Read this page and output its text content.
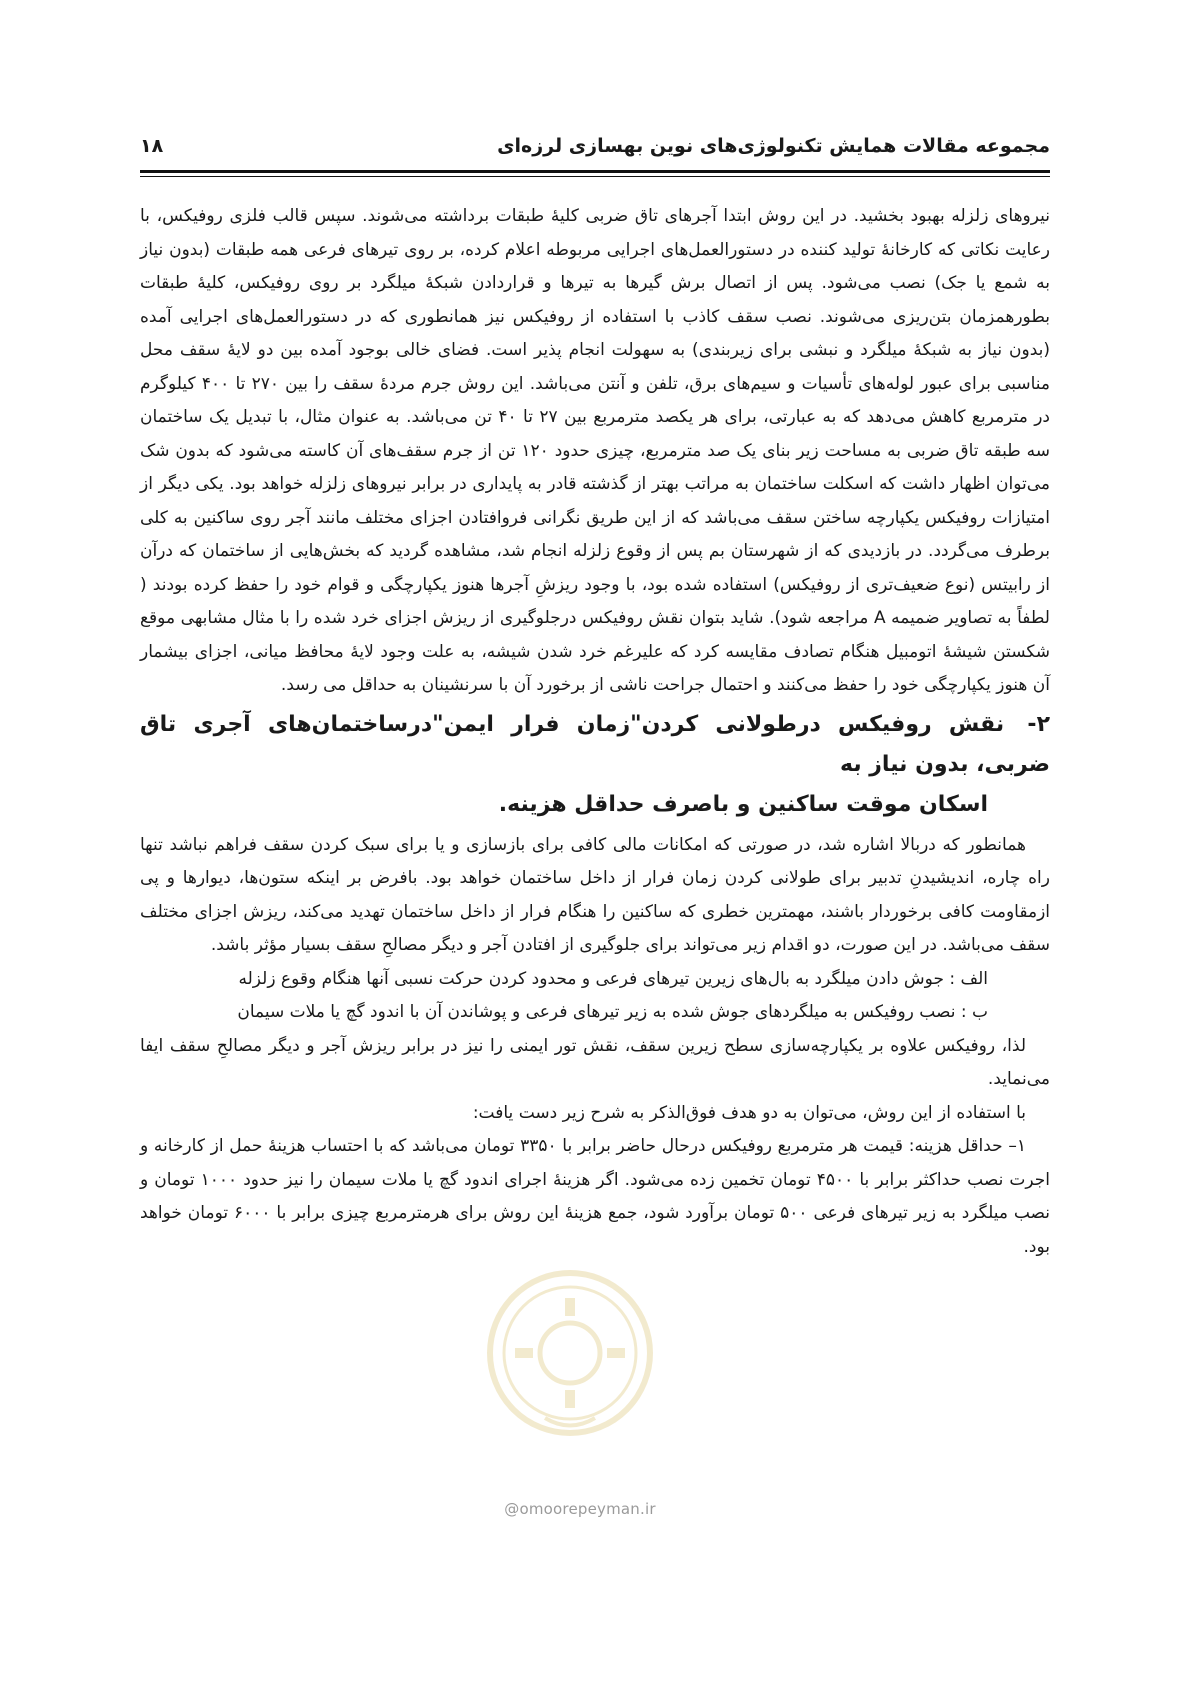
مجموعه مقالات همایش تکنولوژی‌های نوین بهسازی لرزه‌ای
۱۸

نیروهای زلزله بهبود بخشید. در این روش ابتدا آجرهای تاق ضربی کلیهٔ طبقات برداشته می‌شوند. سپس قالب فلزی روفیکس، با رعایت نکاتی که کارخانهٔ تولید کننده در دستورالعمل‌های اجرایی مربوطه اعلام کرده، بر روی تیرهای فرعی همه طبقات (بدون نیاز به شمع یا جک) نصب می‌شود. پس از اتصال برش گیرها به تیرها و قراردادن شبکهٔ میلگرد بر روی روفیکس، کلیهٔ طبقات بطورهمزمان بتن‌ریزی می‌شوند. نصب سقف کاذب با استفاده از روفیکس نیز همانطوری که در دستورالعمل‌های اجرایی آمده (بدون نیاز به شبکهٔ میلگرد و نبشی برای زیربندی) به سهولت انجام پذیر است. فضای خالی بوجود آمده بین دو لایهٔ سقف محل مناسبی برای عبور لوله‌های تأسیات و سیم‌های برق، تلفن و آنتن می‌باشد. این روش جرم مردهٔ سقف را بین ۲۷۰ تا ۴۰۰ کیلوگرم در مترمربع کاهش می‌دهد که به عبارتی، برای هر یکصد مترمربع بین ۲۷ تا ۴۰ تن می‌باشد. به عنوان مثال، با تبدیل یک ساختمان سه طبقه تاق ضربی به مساحت زیر بنای یک صد مترمربع، چیزی حدود ۱۲۰ تن از جرم سقف‌های آن کاسته می‌شود که بدون شک می‌توان اظهار داشت که اسکلت ساختمان به مراتب بهتر از گذشته قادر به پایداری در برابر نیروهای زلزله خواهد بود. یکی دیگر از امتیازات روفیکس یکپارچه ساختن سقف می‌باشد که از این طریق نگرانی فروافتادن اجزای مختلف مانند آجر روی ساکنین به کلی برطرف می‌گردد. در بازدیدی که از شهرستان بم پس از وقوع زلزله انجام شد، مشاهده گردید که بخش‌هایی از ساختمان که درآن از رابیتس (نوع ضعیف‌تری از روفیکس) استفاده شده بود، با وجود ریزشِ آجرها هنوز یکپارچگی و قوام خود را حفظ کرده بودند ( لطفاً به تصاویر ضمیمه A مراجعه شود). شاید بتوان نقش روفیکس درجلوگیری از ریزش اجزای خرد شده را با مثال مشابهی موقع شکستن شیشهٔ اتومبیل هنگام تصادف مقایسه کرد که علیرغم خرد شدن شیشه، به علت وجود لایهٔ محافظ میانی، اجزای بیشمار آن هنوز یکپارچگی خود را حفظ می‌کنند و احتمال جراحت ناشی از برخورد آن با سرنشینان به حداقل می رسد.

۲- نقش روفیکس درطولانی کردن"زمان فرار ایمن"درساختمان‌های آجری تاق ضربی، بدون نیاز به
اسکان موقت ساکنین و باصرف حداقل هزینه.

همانطور که دربالا اشاره شد، در صورتی که امکانات مالی کافی برای بازسازی و یا برای سبک کردن سقف فراهم نباشد تنها راه چاره، اندیشیدنِ تدبیر برای طولانی کردن زمان فرار از داخل ساختمان خواهد بود. بافرض بر اینکه ستون‌ها، دیوارها و پی ازمقاومت کافی برخوردار باشند، مهمترین خطری که ساکنین را هنگام فرار از داخل ساختمان تهدید می‌کند، ریزش اجزای مختلف سقف می‌باشد. در این صورت، دو اقدام زیر می‌تواند برای جلوگیری از افتادن آجر و دیگر مصالحِ سقف بسیار مؤثر باشد.

الف : جوش دادن میلگرد به بال‌های زیرین تیرهای فرعی و محدود کردن حرکت نسبی آنها هنگام وقوع زلزله

ب : نصب روفیکس به میلگردهای جوش شده به زیر تیرهای فرعی و پوشاندن آن با اندود گچ یا ملات سیمان

لذا، روفیکس علاوه بر یکپارچه‌سازی سطح زیرین سقف، نقش تور ایمنی را نیز در برابر ریزش آجر و دیگر مصالحِ سقف ایفا می‌نماید.

با استفاده از این روش، می‌توان به دو هدف فوق‌الذکر به شرح زیر دست یافت:

۱– حداقل هزینه: قیمت هر مترمربع روفیکس درحال حاضر برابر با ۳۳۵۰ تومان می‌باشد که با احتساب هزینهٔ حمل از کارخانه و اجرت نصب حداکثر برابر با ۴۵۰۰ تومان تخمین زده می‌شود. اگر هزینهٔ اجرای اندود گچ یا ملات سیمان را نیز حدود ۱۰۰۰ تومان و نصب میلگرد به زیر تیرهای فرعی ۵۰۰ تومان برآورد شود، جمع هزینهٔ این روش برای هرمترمربع چیزی برابر با ۶۰۰۰ تومان خواهد بود.

@omoorepeyman.ir
